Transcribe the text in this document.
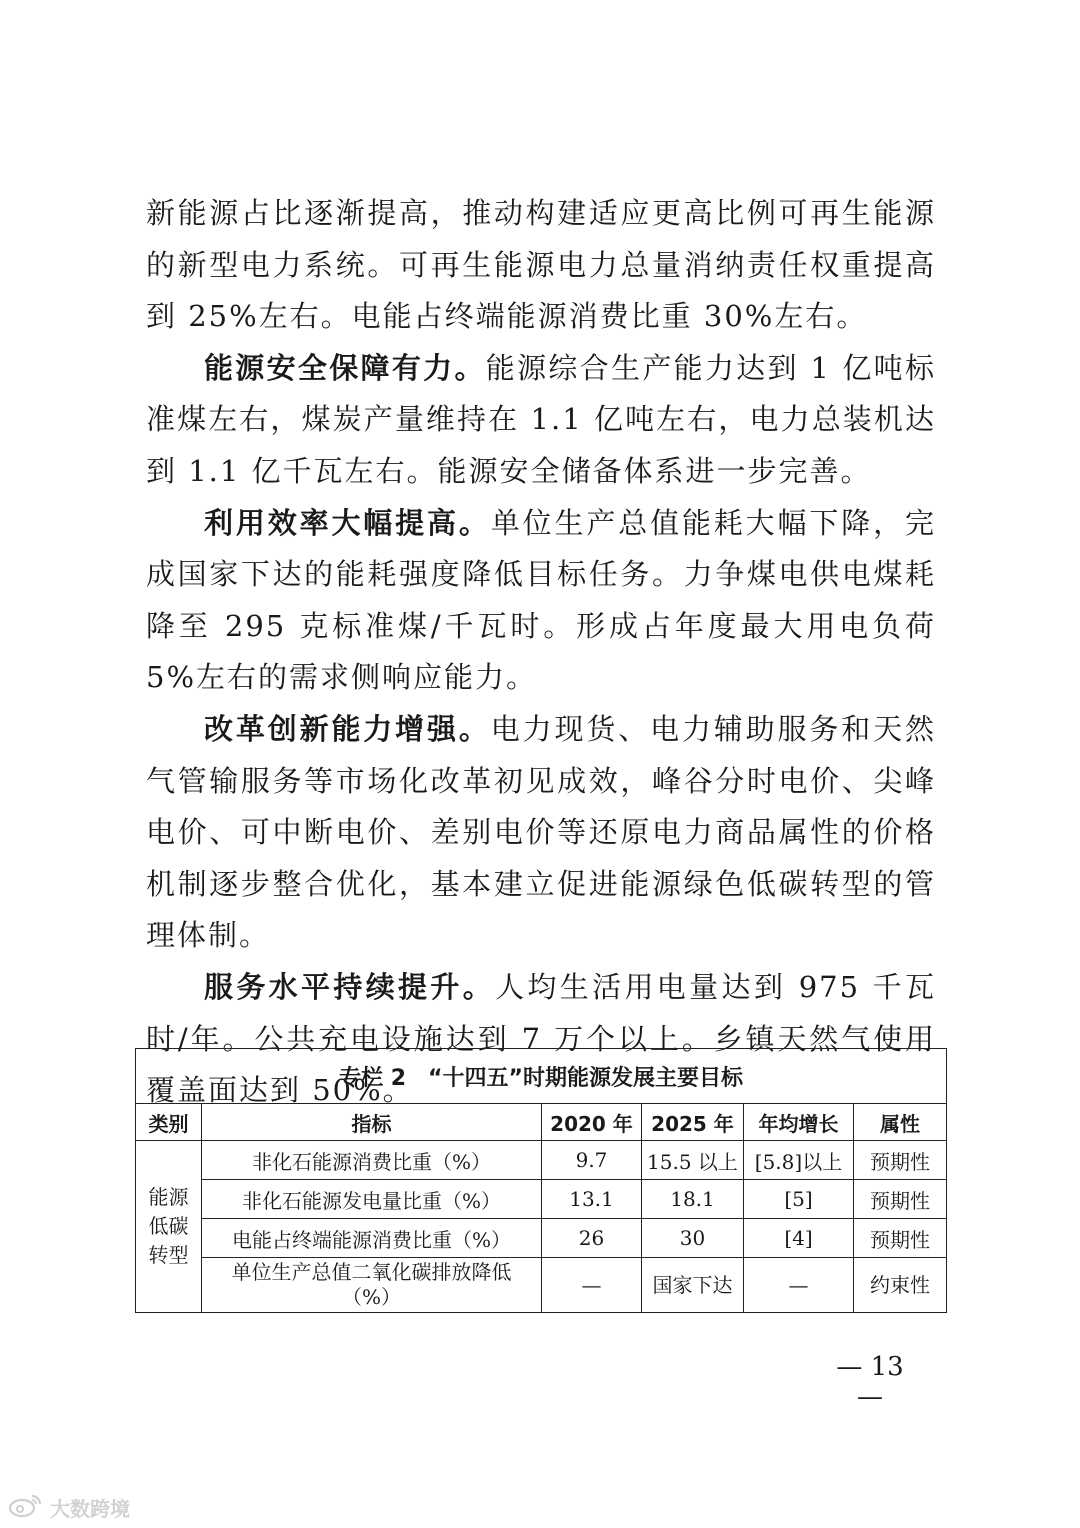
新能源占比逐渐提高，推动构建适应更高比例可再生能源的新型电力系统。可再生能源电力总量消纳责任权重提高到 25%左右。电能占终端能源消费比重 30%左右。

能源安全保障有力。能源综合生产能力达到 1 亿吨标准煤左右，煤炭产量维持在 1.1 亿吨左右，电力总装机达到 1.1 亿千瓦左右。能源安全储备体系进一步完善。

利用效率大幅提高。单位生产总值能耗大幅下降，完成国家下达的能耗强度降低目标任务。力争煤电供电煤耗降至 295 克标准煤/千瓦时。形成占年度最大用电负荷 5%左右的需求侧响应能力。

改革创新能力增强。电力现货、电力辅助服务和天然气管输服务等市场化改革初见成效，峰谷分时电价、尖峰电价、可中断电价、差别电价等还原电力商品属性的价格机制逐步整合优化，基本建立促进能源绿色低碳转型的管理体制。

服务水平持续提升。人均生活用电量达到 975 千瓦时/年。公共充电设施达到 7 万个以上。乡镇天然气使用覆盖面达到 50%。

专栏 2　“十四五”时期能源发展主要目标					
类别	指标	2020 年	2025 年	年均增长	属性
能源低碳转型	非化石能源消费比重（%）	9.7	15.5 以上	[5.8]以上	预期性
	非化石能源发电量比重（%）	13.1	18.1	[5]	预期性
	电能占终端能源消费比重（%）	26	30	[4]	预期性
	单位生产总值二氧化碳排放降低（%）	—	国家下达	—	约束性
— 13 —
大数跨境
